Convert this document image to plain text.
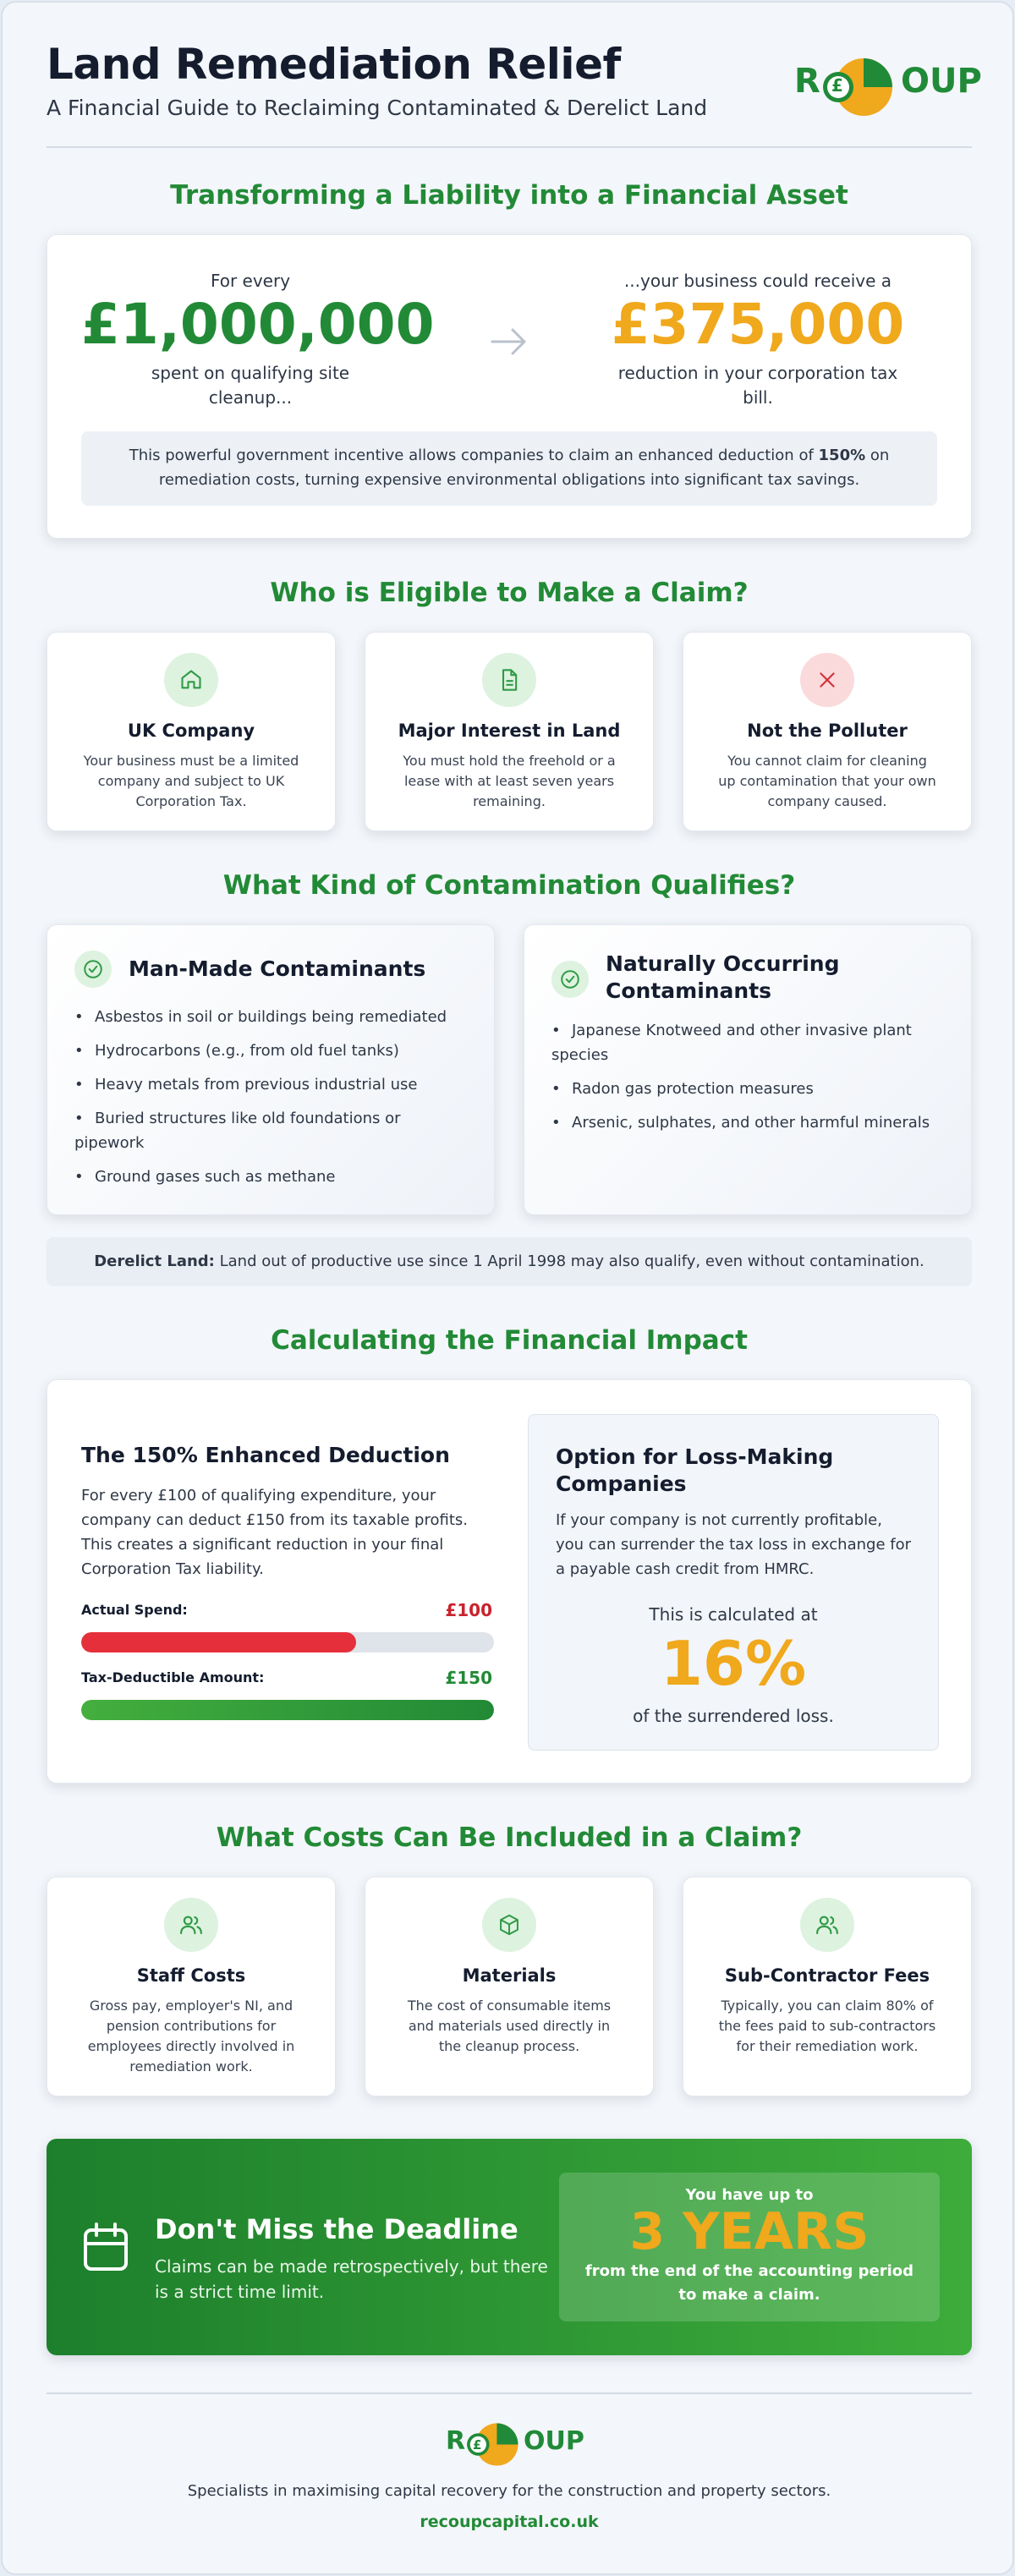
Land Remediation Relief
A Financial Guide to Reclaiming Contaminated & Derelict Land
R £ OUP
Transforming a Liability into a Financial Asset
For every
£1,000,000
spent on qualifying site cleanup...
...your business could receive a
£375,000
reduction in your corporation tax bill.
This powerful government incentive allows companies to claim an enhanced deduction of 150% on remediation costs, turning expensive environmental obligations into significant tax savings.
Who is Eligible to Make a Claim?
UK Company
Your business must be a limited company and subject to UK Corporation Tax.
Major Interest in Land
You must hold the freehold or a lease with at least seven years remaining.
Not the Polluter
You cannot claim for cleaning up contamination that your own company caused.
What Kind of Contamination Qualifies?
Man-Made Contaminants
• Asbestos in soil or buildings being remediated
• Hydrocarbons (e.g., from old fuel tanks)
• Heavy metals from previous industrial use
• Buried structures like old foundations or pipework
• Ground gases such as methane
Naturally Occurring Contaminants
• Japanese Knotweed and other invasive plant species
• Radon gas protection measures
• Arsenic, sulphates, and other harmful minerals
Derelict Land: Land out of productive use since 1 April 1998 may also qualify, even without contamination.
Calculating the Financial Impact
The 150% Enhanced Deduction
For every £100 of qualifying expenditure, your company can deduct £150 from its taxable profits. This creates a significant reduction in your final Corporation Tax liability.
Actual Spend:	£100
Tax-Deductible Amount:	£150
Option for Loss-Making Companies
If your company is not currently profitable, you can surrender the tax loss in exchange for a payable cash credit from HMRC.
This is calculated at
16%
of the surrendered loss.
What Costs Can Be Included in a Claim?
Staff Costs
Gross pay, employer's NI, and pension contributions for employees directly involved in remediation work.
Materials
The cost of consumable items and materials used directly in the cleanup process.
Sub-Contractor Fees
Typically, you can claim 80% of the fees paid to sub-contractors for their remediation work.
Don't Miss the Deadline
Claims can be made retrospectively, but there is a strict time limit.
You have up to
3 YEARS
from the end of the accounting period to make a claim.
R £ OUP
Specialists in maximising capital recovery for the construction and property sectors.
recoupcapital.co.uk
